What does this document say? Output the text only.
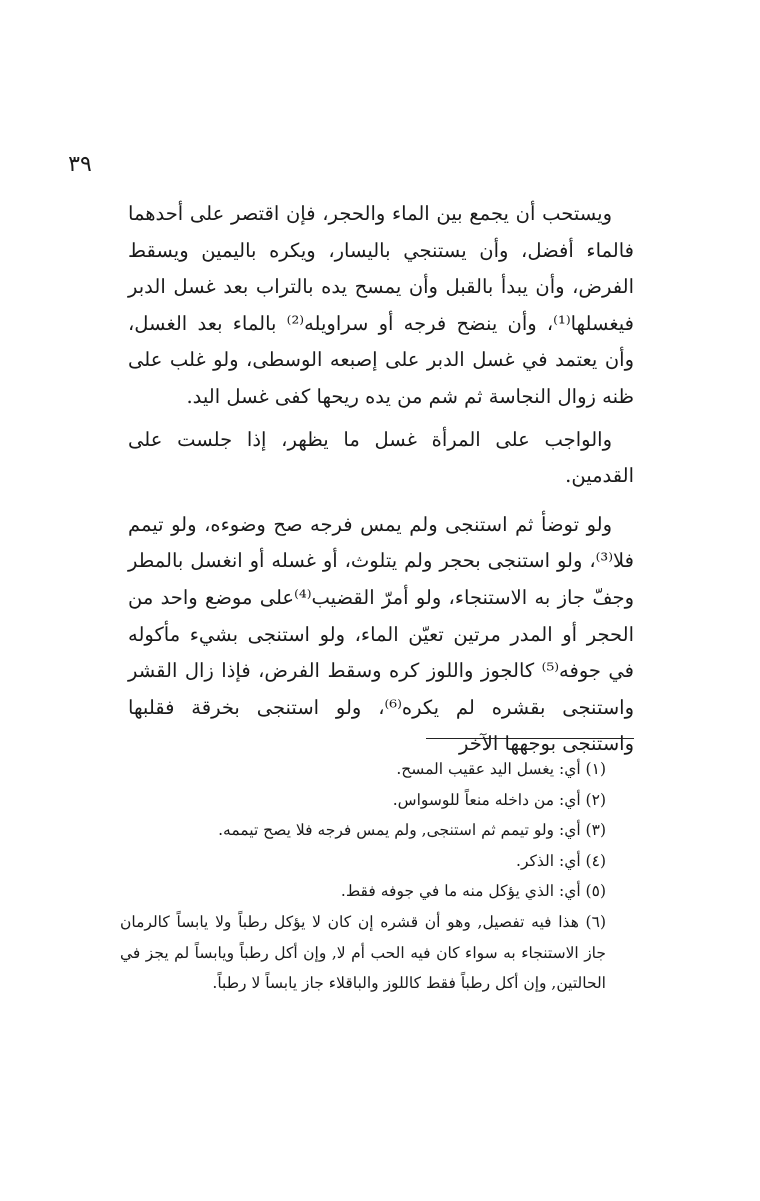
٣٩

ويستحب أن يجمع بين الماء والحجر، فإن اقتصر على أحدهما فالماء أفضل، وأن يستنجي باليسار، ويكره باليمين ويسقط الفرض، وأن يبدأ بالقبل وأن يمسح يده بالتراب بعد غسل الدبر فيغسلها⁽¹⁾، وأن ينضح فرجه أو سراويله⁽²⁾ بالماء بعد الغسل، وأن يعتمد في غسل الدبر على إصبعه الوسطى، ولو غلب على ظنه زوال النجاسة ثم شم من يده ريحها كفى غسل اليد.

والواجب على المرأة غسل ما يظهر، إذا جلست على القدمين.

ولو توضأ ثم استنجى ولم يمس فرجه صح وضوءه، ولو تيمم فلا⁽³⁾، ولو استنجى بحجر ولم يتلوث، أو غسله أو انغسل بالمطر وجفّ جاز به الاستنجاء، ولو أمرّ القضيب⁽⁴⁾على موضع واحد من الحجر أو المدر مرتين تعيّن الماء، ولو استنجى بشيء مأكوله في جوفه⁽⁵⁾ كالجوز واللوز كره وسقط الفرض، فإذا زال القشر واستنجى بقشره لم يكره⁽⁶⁾، ولو استنجى بخرقة فقلبها واستنجى بوجهها الآخر

(١) أي: يغسل اليد عقيب المسح.

(٢) أي: من داخله منعاً للوسواس.

(٣) أي: ولو تيمم ثم استنجى, ولم يمس فرجه فلا يصح تيممه.

(٤) أي: الذكر.

(٥) أي: الذي يؤكل منه ما في جوفه فقط.

(٦) هذا فيه تفصيل, وهو أن قشره إن كان لا يؤكل رطباً ولا يابساً كالرمان جاز الاستنجاء به سواء كان فيه الحب أم لا, وإن أكل رطباً ويابساً لم يجز في الحالتين, وإن أكل رطباً فقط كاللوز والباقلاء جاز يابساً لا رطباً.
